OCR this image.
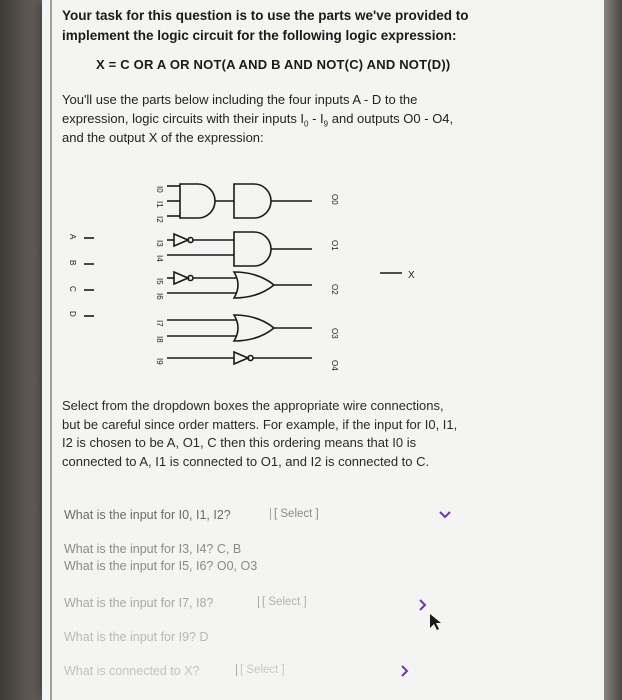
Your task for this question is to use the parts we've provided to
implement the logic circuit for the following logic expression:
X = C OR A OR NOT(A AND B AND NOT(C) AND NOT(D))
You'll use the parts below including the four inputs A - D to the
expression, logic circuits with their inputs $I_0 - I_9$ and outputs O0 - O4,
and the output X of the expression:
I0
I1
I2
I3
I4
I5
I6
I7
I8
I9
A
B
C
D
O0
O1
O2
O3
O4
X
Select from the dropdown boxes the appropriate wire connections,
but be careful since order matters. For example, if the input for I0, I1,
I2 is chosen to be A, O1, C then this ordering means that I0 is
connected to A, I1 is connected to O1, and I2 is connected to C.
What is the input for I0, I1, I2?	[ Select ]
What is the input for I3, I4? C, B
What is the input for I5, I6? O0, O3
What is the input for I7, I8?	[ Select ]
What is the input for I9? D
What is connected to X?	[ Select ]
